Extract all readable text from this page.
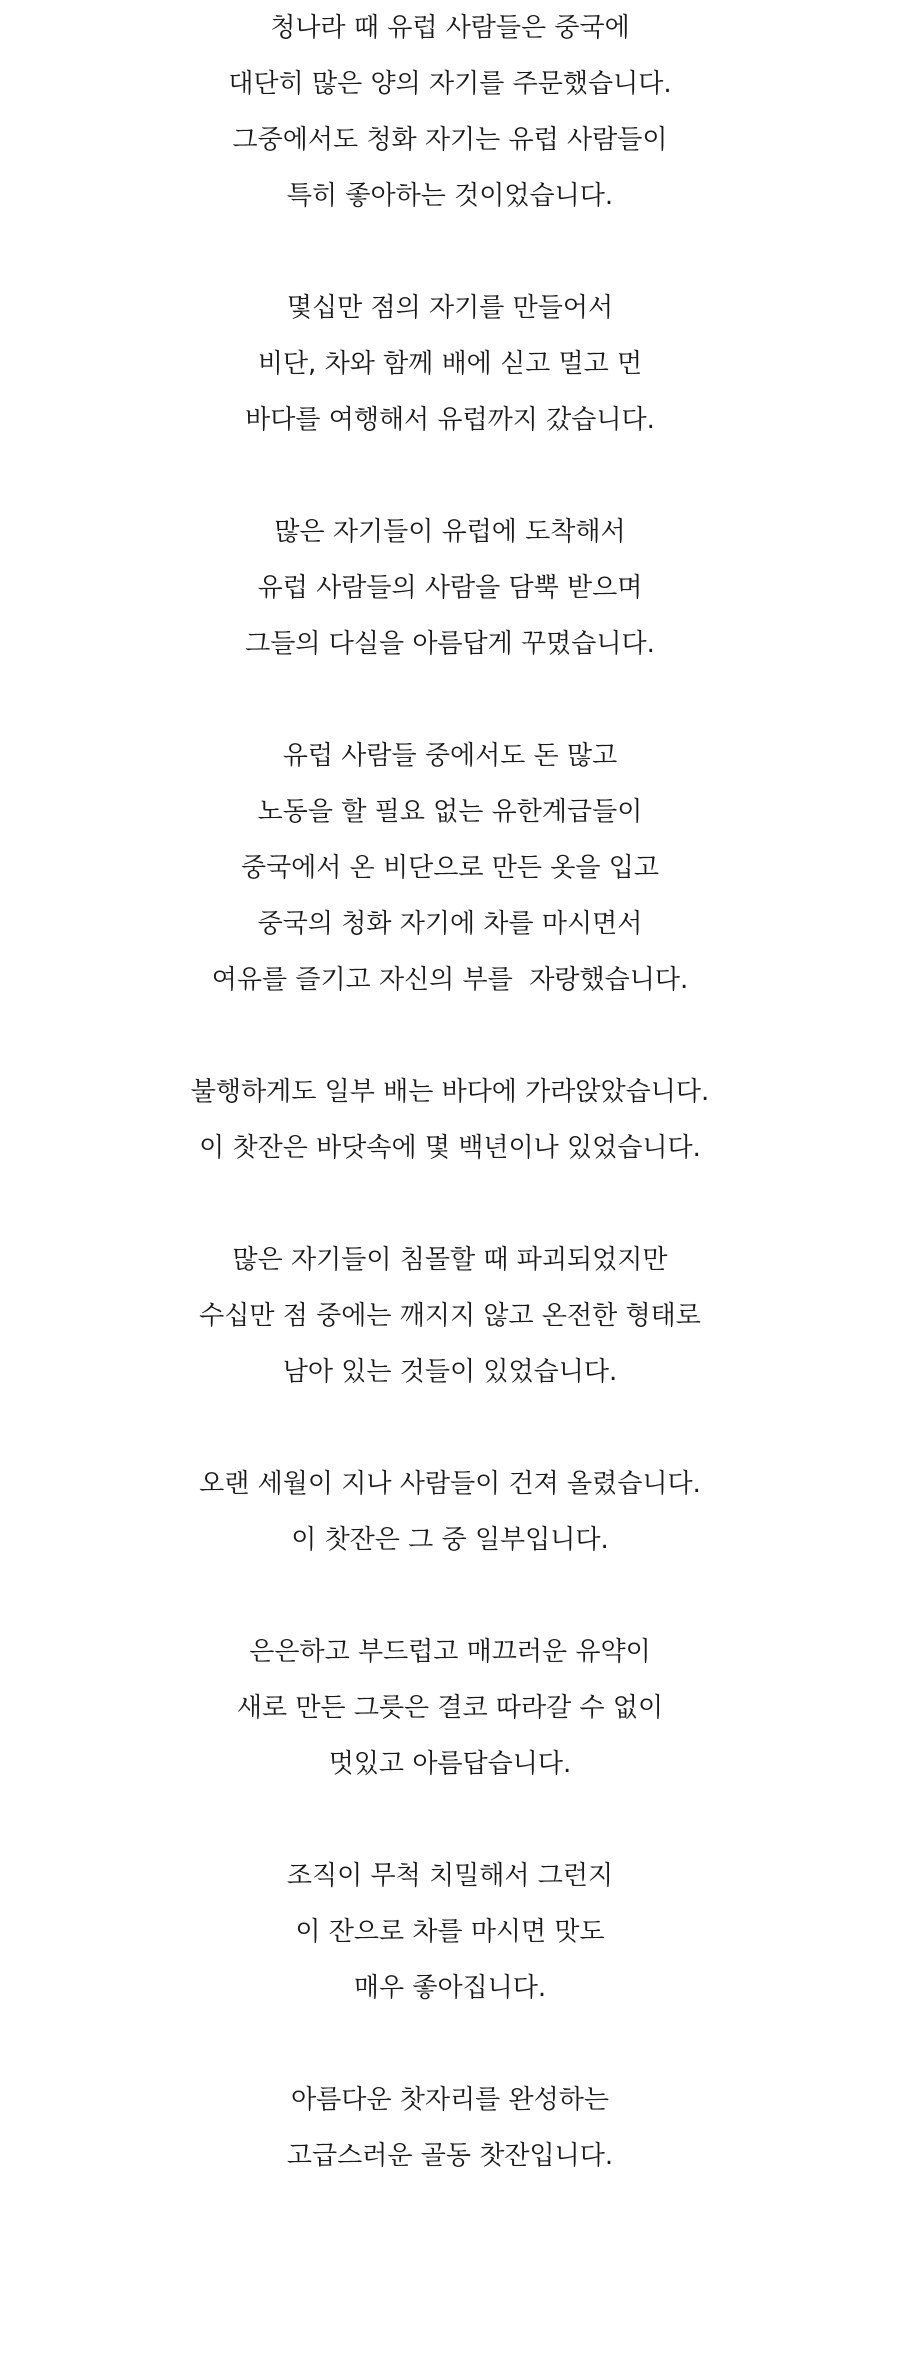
청나라 때 유럽 사람들은 중국에
대단히 많은 양의 자기를 주문했습니다.
그중에서도 청화 자기는 유럽 사람들이
특히 좋아하는 것이었습니다.
몇십만 점의 자기를 만들어서
비단, 차와 함께 배에 싣고 멀고 먼
바다를 여행해서 유럽까지 갔습니다.
많은 자기들이 유럽에 도착해서
유럽 사람들의 사람을 담뿍 받으며
그들의 다실을 아름답게 꾸몄습니다.
유럽 사람들 중에서도 돈 많고
노동을 할 필요 없는 유한계급들이
중국에서 온 비단으로 만든 옷을 입고
중국의 청화 자기에 차를 마시면서
여유를 즐기고 자신의 부를  자랑했습니다.
불행하게도 일부 배는 바다에 가라앉았습니다.
이 찻잔은 바닷속에 몇 백년이나 있었습니다.
많은 자기들이 침몰할 때 파괴되었지만
수십만 점 중에는 깨지지 않고 온전한 형태로
남아 있는 것들이 있었습니다.
오랜 세월이 지나 사람들이 건져 올렸습니다.
이 찻잔은 그 중 일부입니다.
은은하고 부드럽고 매끄러운 유약이
새로 만든 그릇은 결코 따라갈 수 없이
멋있고 아름답습니다.
조직이 무척 치밀해서 그런지
이 잔으로 차를 마시면 맛도
매우 좋아집니다.
아름다운 찻자리를 완성하는
고급스러운 골동 찻잔입니다.
